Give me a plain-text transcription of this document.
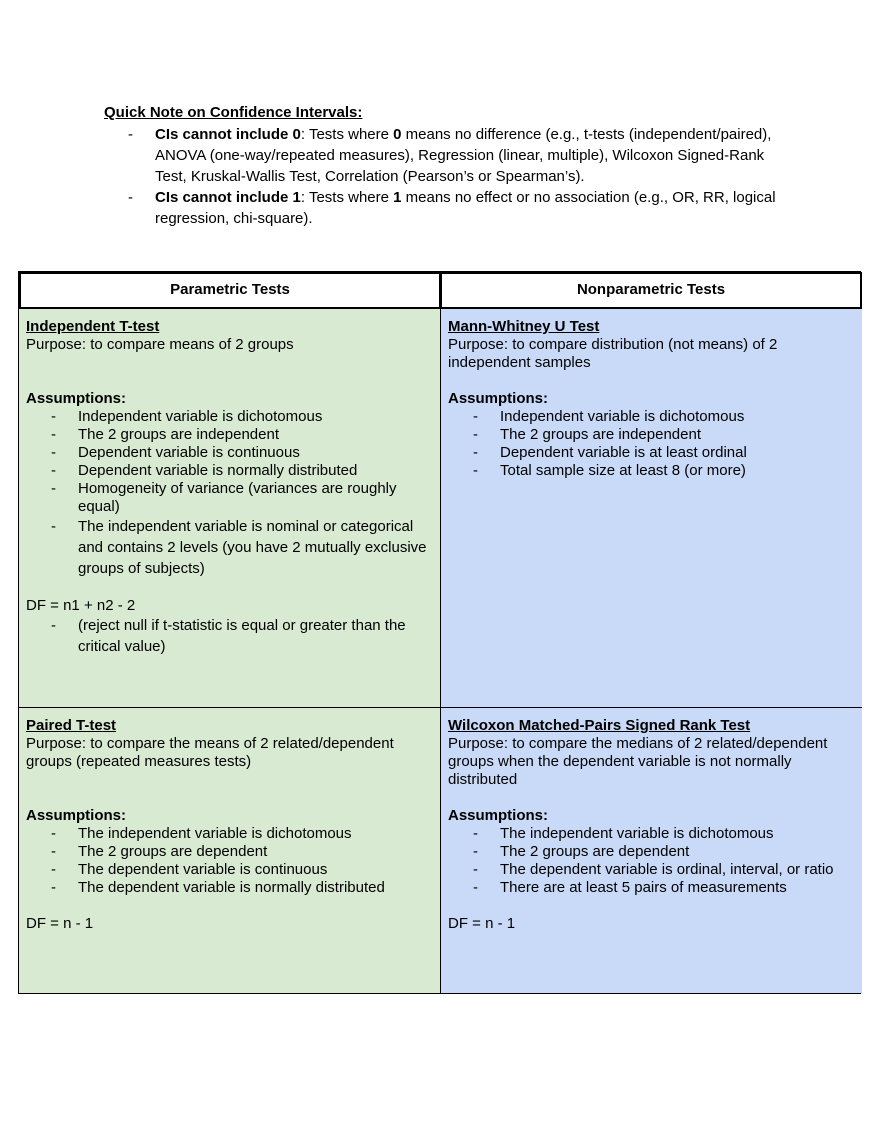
Quick Note on Confidence Intervals:
- CIs cannot include 0: Tests where 0 means no difference (e.g., t-tests (independent/paired), ANOVA (one-way/repeated measures), Regression (linear, multiple), Wilcoxon Signed-Rank Test, Kruskal-Wallis Test, Correlation (Pearson’s or Spearman’s).
- CIs cannot include 1: Tests where 1 means no effect or no association (e.g., OR, RR, logical regression, chi-square).
Parametric Tests	Nonparametric Tests
Independent T-test
Purpose: to compare means of 2 groups
Assumptions:
- Independent variable is dichotomous
- The 2 groups are independent
- Dependent variable is continuous
- Dependent variable is normally distributed
- Homogeneity of variance (variances are roughly equal)
- The independent variable is nominal or categorical and contains 2 levels (you have 2 mutually exclusive groups of subjects)
DF = n1 + n2 - 2
- (reject null if t-statistic is equal or greater than the critical value)
Mann-Whitney U Test
Purpose: to compare distribution (not means) of 2 independent samples
Assumptions:
- Independent variable is dichotomous
- The 2 groups are independent
- Dependent variable is at least ordinal
- Total sample size at least 8 (or more)
Paired T-test
Purpose: to compare the means of 2 related/dependent groups (repeated measures tests)
Assumptions:
- The independent variable is dichotomous
- The 2 groups are dependent
- The dependent variable is continuous
- The dependent variable is normally distributed
DF = n - 1
Wilcoxon Matched-Pairs Signed Rank Test
Purpose: to compare the medians of 2 related/dependent groups when the dependent variable is not normally distributed
Assumptions:
- The independent variable is dichotomous
- The 2 groups are dependent
- The dependent variable is ordinal, interval, or ratio
- There are at least 5 pairs of measurements
DF = n - 1
